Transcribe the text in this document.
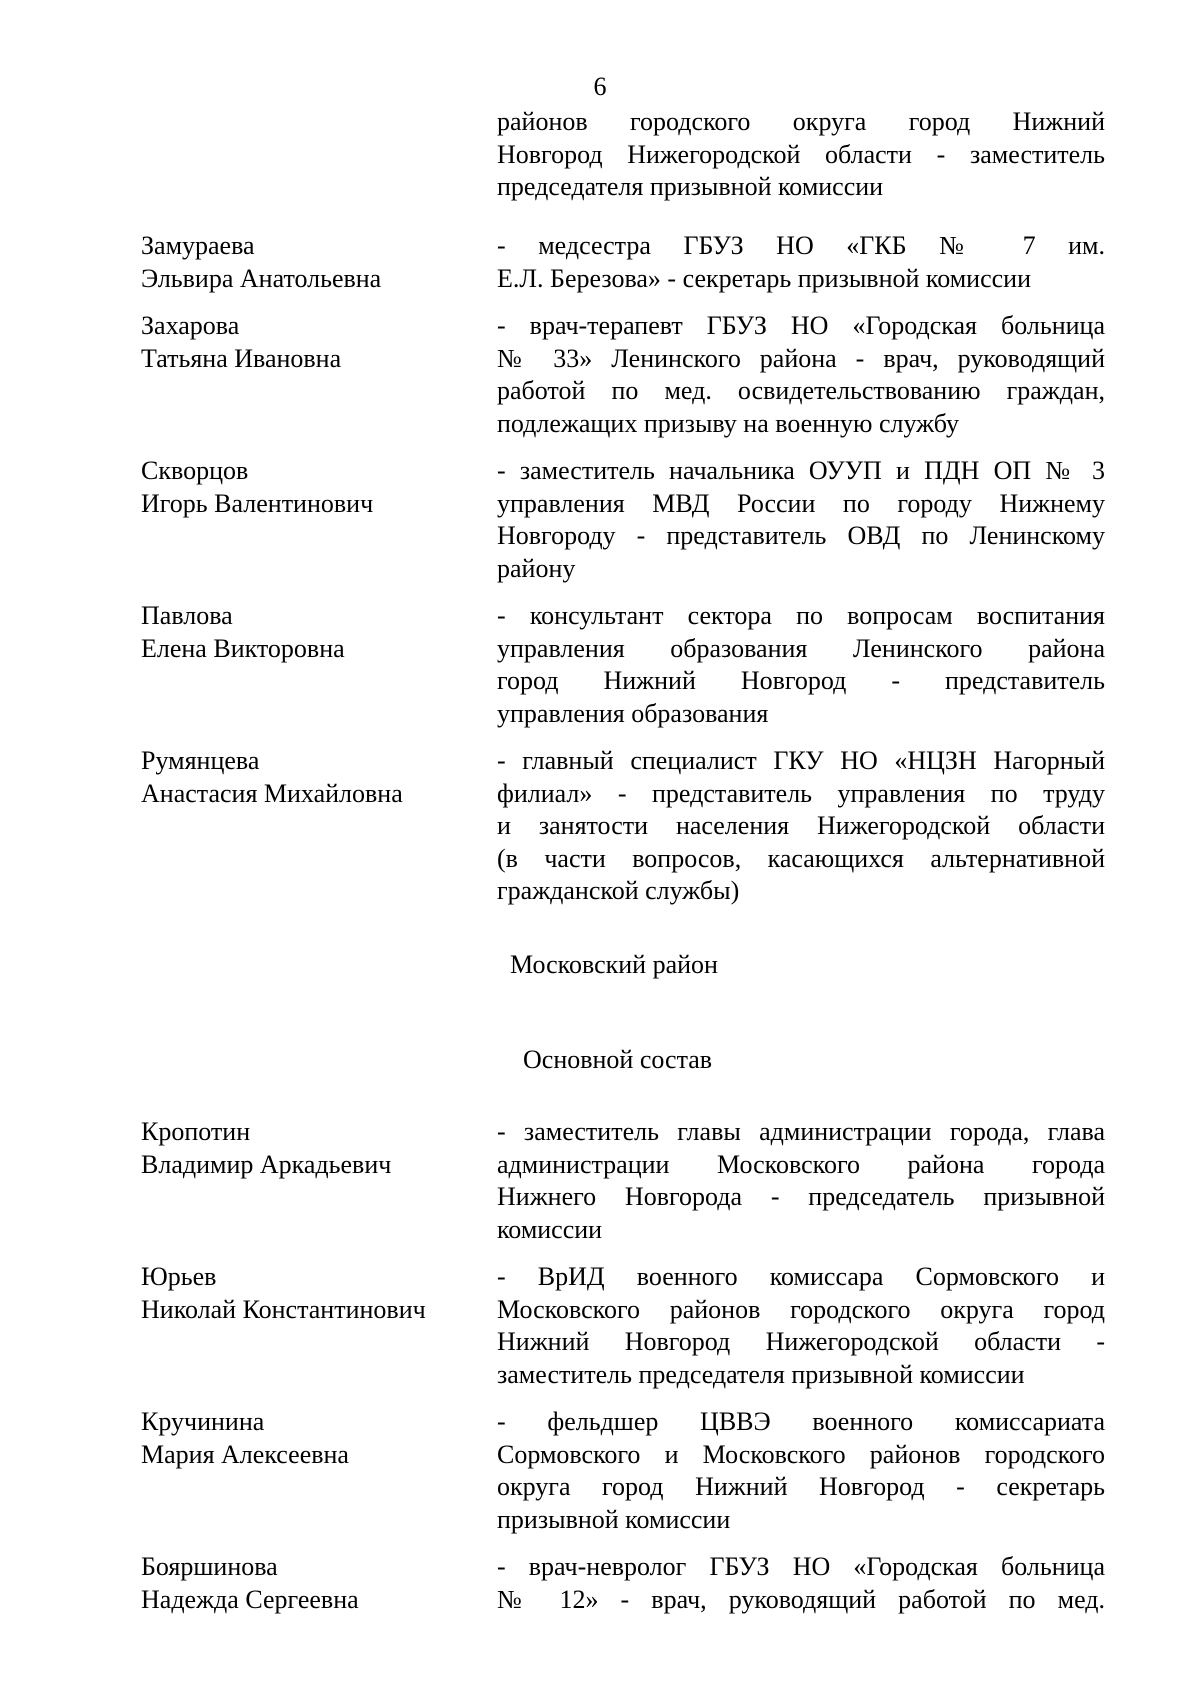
6
районов городского округа город Нижний
Новгород Нижегородской области - заместитель
председателя призывной комиссии
Замураева
Эльвира Анатольевна
- медсестра ГБУЗ НО «ГКБ № 7 им.
Е.Л. Березова» - секретарь призывной комиссии
Захарова
Татьяна Ивановна
- врач-терапевт ГБУЗ НО «Городская больница
№ 33» Ленинского района - врач, руководящий
работой по мед. освидетельствованию граждан,
подлежащих призыву на военную службу
Скворцов
Игорь Валентинович
- заместитель начальника ОУУП и ПДН ОП № 3
управления МВД России по городу Нижнему
Новгороду - представитель ОВД по Ленинскому
району
Павлова
Елена Викторовна
- консультант сектора по вопросам воспитания
управления образования Ленинского района
город Нижний Новгород - представитель
управления образования
Румянцева
Анастасия Михайловна
- главный специалист ГКУ НО «НЦЗН Нагорный
филиал» - представитель управления по труду
и занятости населения Нижегородской области
(в части вопросов, касающихся альтернативной
гражданской службы)
Московский район
Основной состав
Кропотин
Владимир Аркадьевич
- заместитель главы администрации города, глава
администрации Московского района города
Нижнего Новгорода - председатель призывной
комиссии
Юрьев
Николай Константинович
- ВрИД военного комиссара Сормовского и
Московского районов городского округа город
Нижний Новгород Нижегородской области -
заместитель председателя призывной комиссии
Кручинина
Мария Алексеевна
- фельдшер ЦВВЭ военного комиссариата
Сормовского и Московского районов городского
округа город Нижний Новгород - секретарь
призывной комиссии
Бояршинова
Надежда Сергеевна
- врач-невролог ГБУЗ НО «Городская больница
№ 12» - врач, руководящий работой по мед.
